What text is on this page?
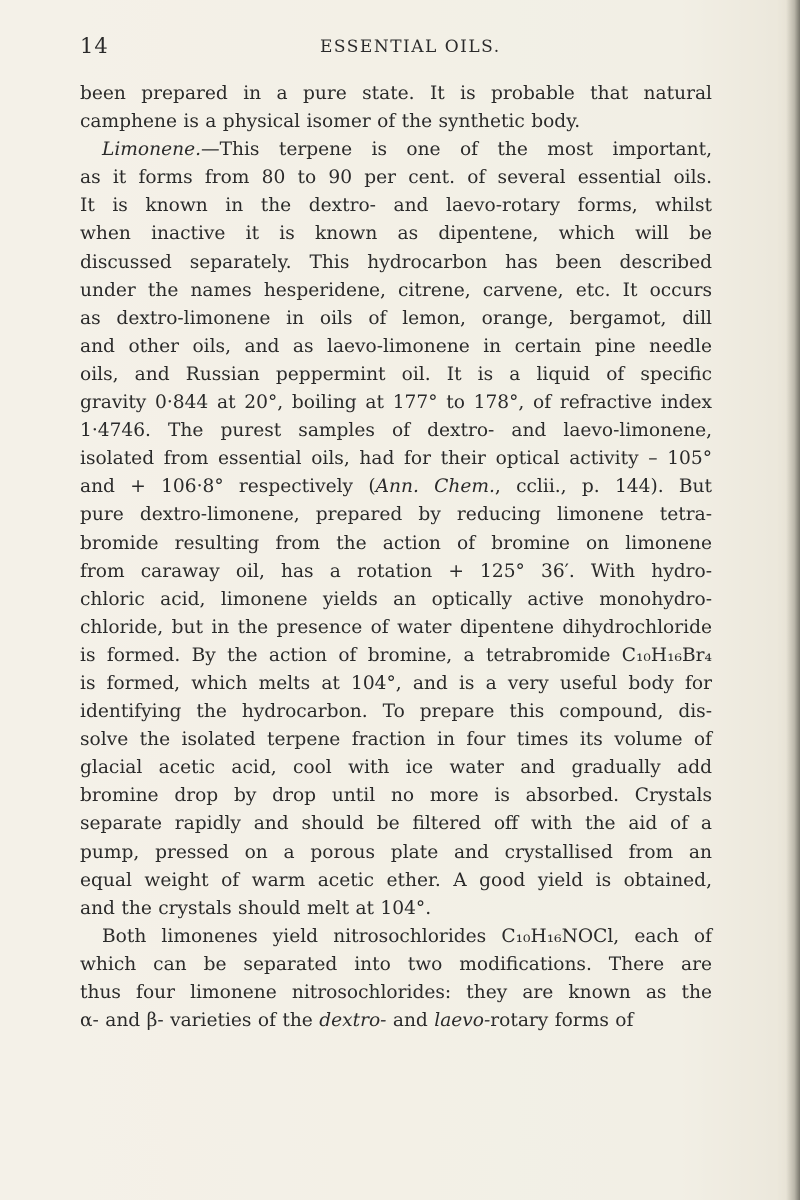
14	ESSENTIAL OILS.

been prepared in a pure state. It is probable that natural
camphene is a physical isomer of the synthetic body.

Limonene.—This terpene is one of the most important,
as it forms from 80 to 90 per cent. of several essential oils.
It is known in the dextro- and laevo-rotary forms, whilst
when inactive it is known as dipentene, which will be
discussed separately. This hydrocarbon has been described
under the names hesperidene, citrene, carvene, etc. It occurs
as dextro-limonene in oils of lemon, orange, bergamot, dill
and other oils, and as laevo-limonene in certain pine needle
oils, and Russian peppermint oil. It is a liquid of specific
gravity 0·844 at 20°, boiling at 177° to 178°, of refractive index
1·4746. The purest samples of dextro- and laevo-limonene,
isolated from essential oils, had for their optical activity – 105°
and + 106·8° respectively (Ann. Chem., cclii., p. 144). But
pure dextro-limonene, prepared by reducing limonene tetra-
bromide resulting from the action of bromine on limonene
from caraway oil, has a rotation + 125° 36′. With hydro-
chloric acid, limonene yields an optically active monohydro-
chloride, but in the presence of water dipentene dihydrochloride
is formed. By the action of bromine, a tetrabromide C₁₀H₁₆Br₄
is formed, which melts at 104°, and is a very useful body for
identifying the hydrocarbon. To prepare this compound, dis-
solve the isolated terpene fraction in four times its volume of
glacial acetic acid, cool with ice water and gradually add
bromine drop by drop until no more is absorbed. Crystals
separate rapidly and should be filtered off with the aid of a
pump, pressed on a porous plate and crystallised from an
equal weight of warm acetic ether. A good yield is obtained,
and the crystals should melt at 104°.

Both limonenes yield nitrosochlorides C₁₀H₁₆NOCl, each of
which can be separated into two modifications. There are
thus four limonene nitrosochlorides: they are known as the
α- and β- varieties of the dextro- and laevo-rotary forms of
